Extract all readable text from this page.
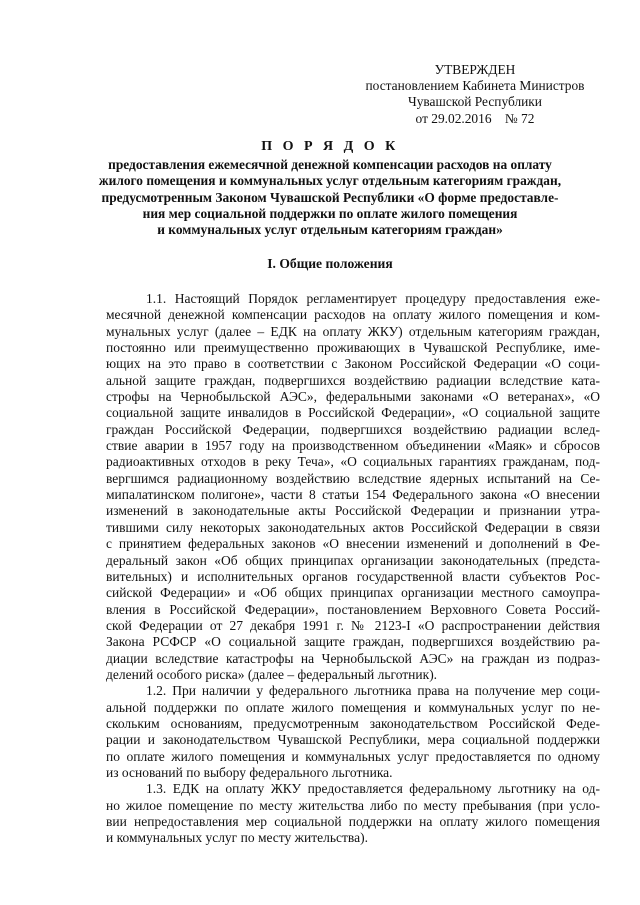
УТВЕРЖДЕН
постановлением Кабинета Министров
Чувашской Республики
от 29.02.2016    № 72
П О Р Я Д О К
предоставления ежемесячной денежной компенсации расходов на оплату
жилого помещения и коммунальных услуг отдельным категориям граждан,
предусмотренным Законом Чувашской Республики «О форме предоставле-
ния мер социальной поддержки по оплате жилого помещения
и коммунальных услуг отдельным категориям граждан»
I. Общие положения
1.1. Настоящий Порядок регламентирует процедуру предоставления еже-
месячной денежной компенсации расходов на оплату жилого помещения и ком-
мунальных услуг (далее – ЕДК на оплату ЖКУ) отдельным категориям граждан,
постоянно или преимущественно проживающих в Чувашской Республике, име-
ющих на это право в соответствии с Законом Российской Федерации «О соци-
альной защите граждан, подвергшихся воздействию радиации вследствие ката-
строфы на Чернобыльской АЭС», федеральными законами «О ветеранах», «О
социальной защите инвалидов в Российской Федерации», «О социальной защите
граждан Российской Федерации, подвергшихся воздействию радиации вслед-
ствие аварии в 1957 году на производственном объединении «Маяк» и сбросов
радиоактивных отходов в реку Теча», «О социальных гарантиях гражданам, под-
вергшимся радиационному воздействию вследствие ядерных испытаний на Се-
мипалатинском полигоне», части 8 статьи 154 Федерального закона «О внесении
изменений в законодательные акты Российской Федерации и признании утра-
тившими силу некоторых законодательных актов Российской Федерации в связи
с принятием федеральных законов «О внесении изменений и дополнений в Фе-
деральный закон «Об общих принципах организации законодательных (предста-
вительных) и исполнительных органов государственной власти субъектов Рос-
сийской Федерации» и «Об общих принципах организации местного самоупра-
вления в Российской Федерации», постановлением Верховного Совета Россий-
ской Федерации от 27 декабря 1991 г. № 2123-I «О распространении действия
Закона РСФСР «О социальной защите граждан, подвергшихся воздействию ра-
диации вследствие катастрофы на Чернобыльской АЭС» на граждан из подраз-
делений особого риска» (далее – федеральный льготник).
1.2. При наличии у федерального льготника права на получение мер соци-
альной поддержки по оплате жилого помещения и коммунальных услуг по не-
скольким основаниям, предусмотренным законодательством Российской Феде-
рации и законодательством Чувашской Республики, мера социальной поддержки
по оплате жилого помещения и коммунальных услуг предоставляется по одному
из оснований по выбору федерального льготника.
1.3. ЕДК на оплату ЖКУ предоставляется федеральному льготнику на од-
но жилое помещение по месту жительства либо по месту пребывания (при усло-
вии непредоставления мер социальной поддержки на оплату жилого помещения
и коммунальных услуг по месту жительства).
